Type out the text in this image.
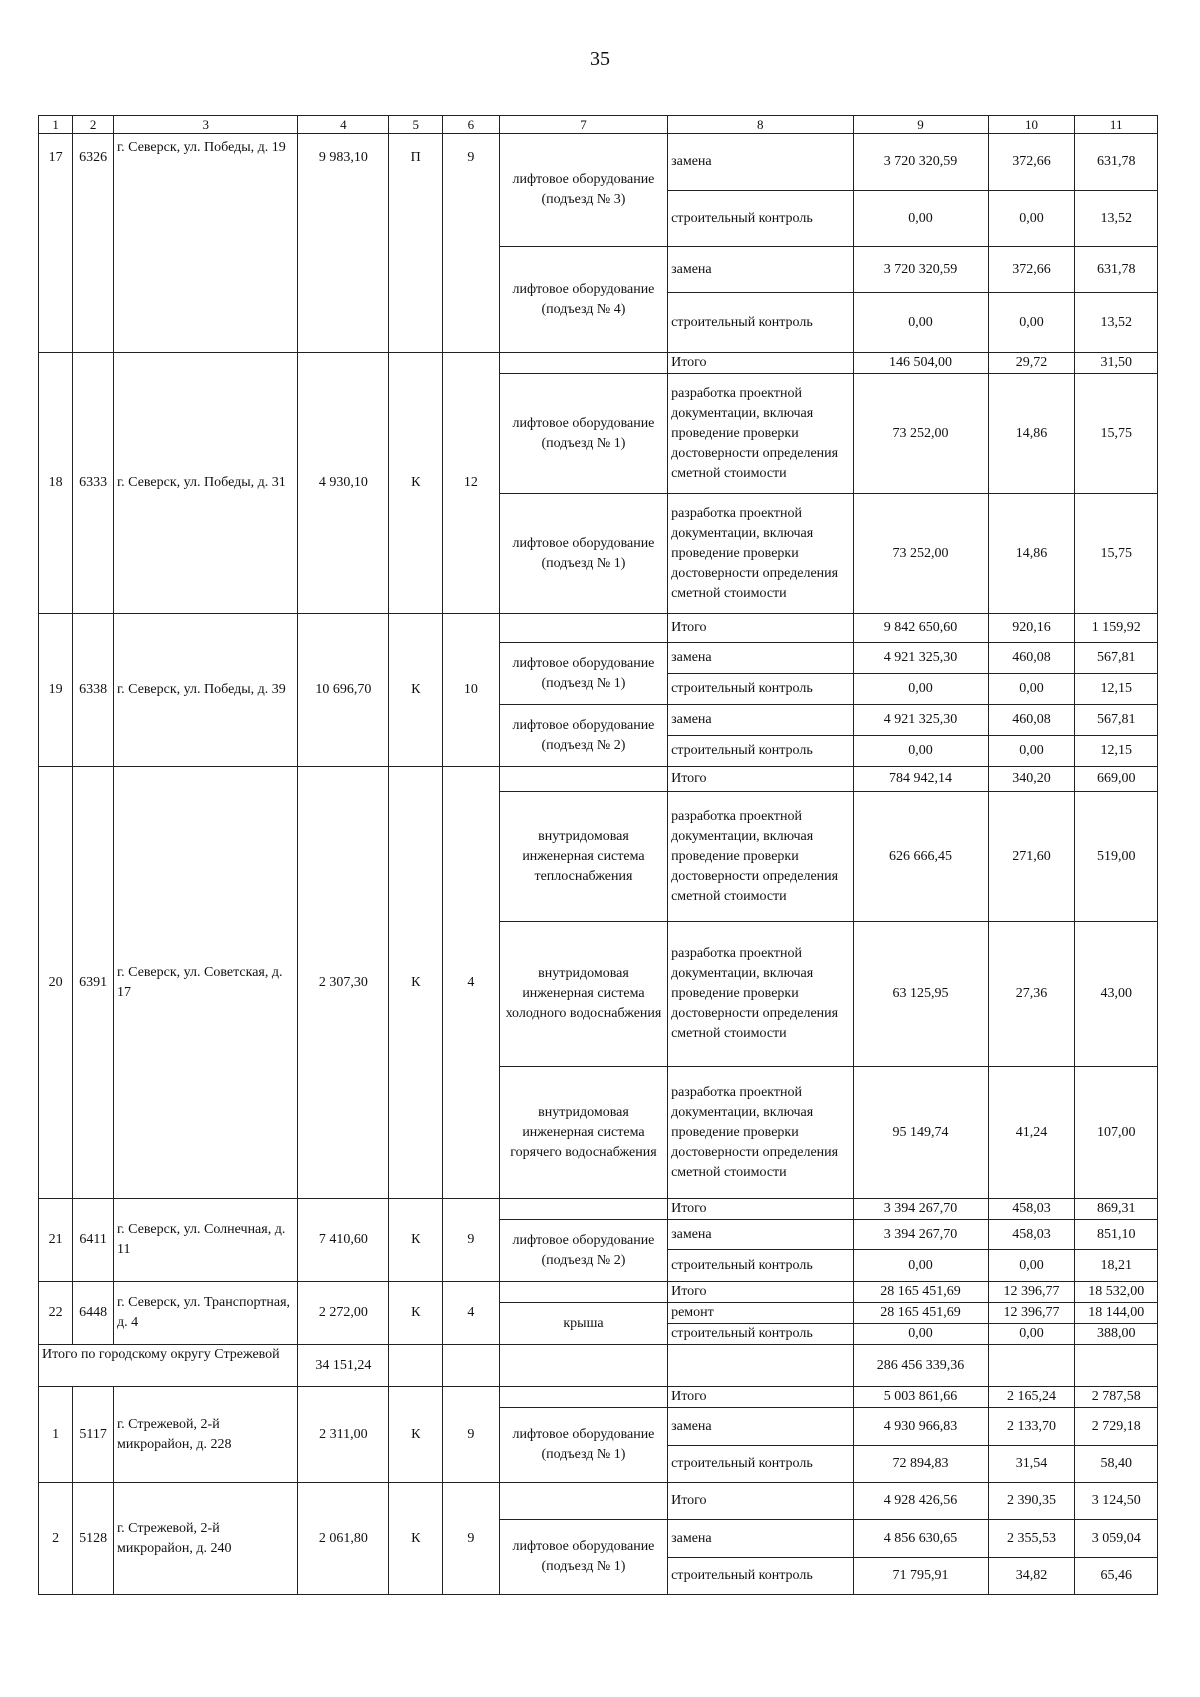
35
1	2	3	4	5	6	7	8	9	10	11
17	6326	г. Северск, ул. Победы, д. 19	9 983,10	П	9	лифтовое оборудование (подъезд № 3)	замена	3 720 320,59	372,66	631,78
							строительный контроль	0,00	0,00	13,52
						лифтовое оборудование (подъезд № 4)	замена	3 720 320,59	372,66	631,78
							строительный контроль	0,00	0,00	13,52
18	6333	г. Северск, ул. Победы, д. 31	4 930,10	К	12		Итого	146 504,00	29,72	31,50
						лифтовое оборудование (подъезд № 1)	разработка проектной документации, включая проведение проверки достоверности определения сметной стоимости	73 252,00	14,86	15,75
						лифтовое оборудование (подъезд № 1)	разработка проектной документации, включая проведение проверки достоверности определения сметной стоимости	73 252,00	14,86	15,75
19	6338	г. Северск, ул. Победы, д. 39	10 696,70	К	10		Итого	9 842 650,60	920,16	1 159,92
						лифтовое оборудование (подъезд № 1)	замена	4 921 325,30	460,08	567,81
							строительный контроль	0,00	0,00	12,15
						лифтовое оборудование (подъезд № 2)	замена	4 921 325,30	460,08	567,81
							строительный контроль	0,00	0,00	12,15
20	6391	г. Северск, ул. Советская, д. 17	2 307,30	К	4		Итого	784 942,14	340,20	669,00
						внутридомовая инженерная система теплоснабжения	разработка проектной документации, включая проведение проверки достоверности определения сметной стоимости	626 666,45	271,60	519,00
						внутридомовая инженерная система холодного водоснабжения	разработка проектной документации, включая проведение проверки достоверности определения сметной стоимости	63 125,95	27,36	43,00
						внутридомовая инженерная система горячего водоснабжения	разработка проектной документации, включая проведение проверки достоверности определения сметной стоимости	95 149,74	41,24	107,00
21	6411	г. Северск, ул. Солнечная, д. 11	7 410,60	К	9		Итого	3 394 267,70	458,03	869,31
						лифтовое оборудование (подъезд № 2)	замена	3 394 267,70	458,03	851,10
							строительный контроль	0,00	0,00	18,21
22	6448	г. Северск, ул. Транспортная, д. 4	2 272,00	К	4		Итого	28 165 451,69	12 396,77	18 532,00
						крыша	ремонт	28 165 451,69	12 396,77	18 144,00
							строительный контроль	0,00	0,00	388,00
Итого по городскому округу Стрежевой			34 151,24					286 456 339,36		
1	5117	г. Стрежевой, 2-й микрорайон, д. 228	2 311,00	К	9		Итого	5 003 861,66	2 165,24	2 787,58
						лифтовое оборудование (подъезд № 1)	замена	4 930 966,83	2 133,70	2 729,18
							строительный контроль	72 894,83	31,54	58,40
2	5128	г. Стрежевой, 2-й микрорайон, д. 240	2 061,80	К	9		Итого	4 928 426,56	2 390,35	3 124,50
						лифтовое оборудование (подъезд № 1)	замена	4 856 630,65	2 355,53	3 059,04
							строительный контроль	71 795,91	34,82	65,46
